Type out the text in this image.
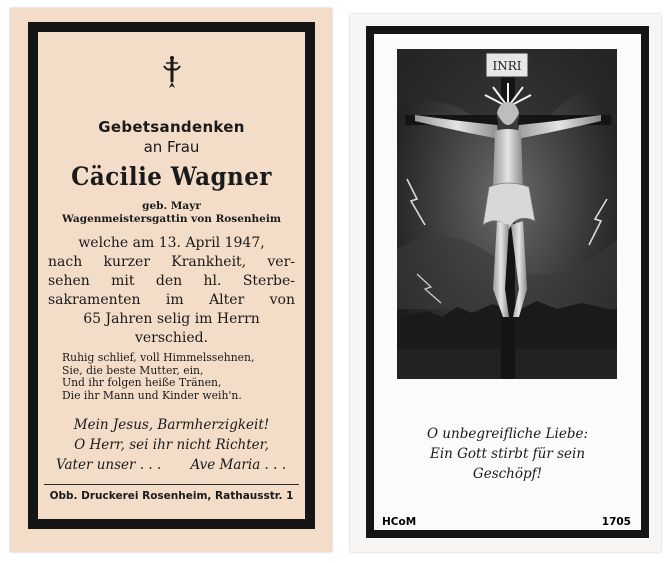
Gebetsandenken
an Frau
Cäcilie Wagner
geb. Mayr
Wagenmeistersgattin von Rosenheim
welche am 13. April 1947,
nach kurzer Krankheit, ver-
sehen mit den hl. Sterbe-
sakramenten im Alter von
65 Jahren selig im Herrn
verschied.
Ruhig schlief, voll Himmelssehnen,
Sie, die beste Mutter, ein,
Und ihr folgen heiße Tränen,
Die ihr Mann und Kinder weih'n.
Mein Jesus, Barmherzigkeit!
O Herr, sei ihr nicht Richter,
Vater unser . . . Ave Maria . . .
Obb. Druckerei Rosenheim, Rathausstr. 1
INRI
O unbegreifliche Liebe:
Ein Gott stirbt für sein
Geschöpf!
HCoM	1705
